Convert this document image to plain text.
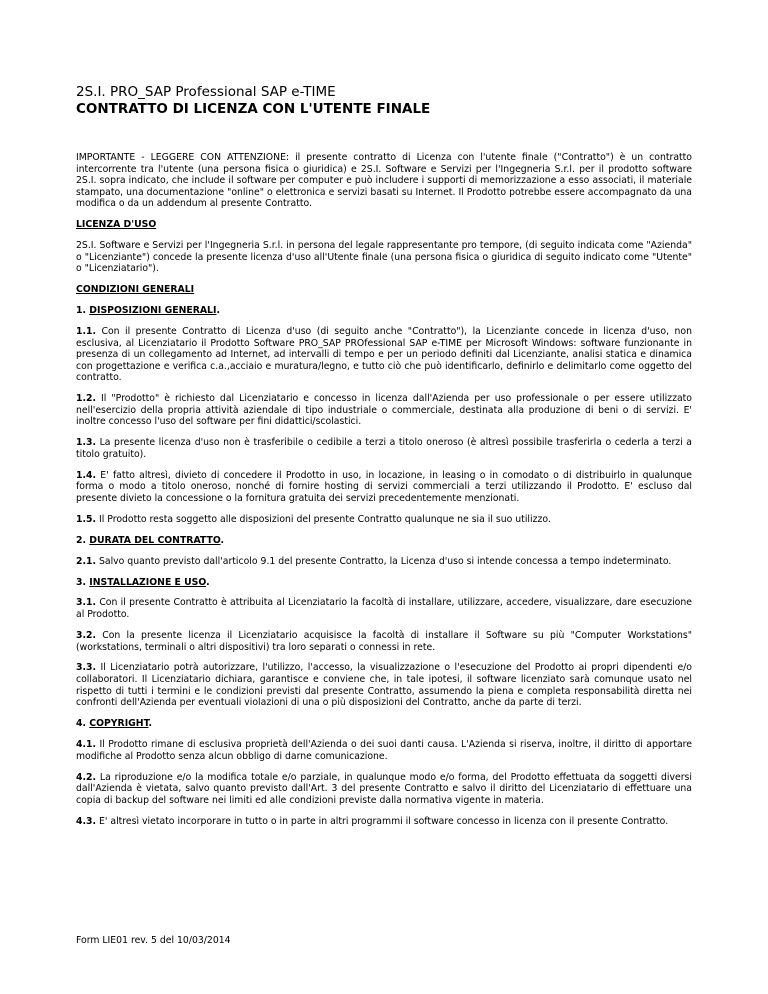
2S.I. PRO_SAP Professional SAP e-TIME
CONTRATTO DI LICENZA CON L'UTENTE FINALE

IMPORTANTE - LEGGERE CON ATTENZIONE: il presente contratto di Licenza con l'utente finale ("Contratto") è un contratto intercorrente tra l'utente (una persona fisica o giuridica) e 2S.I. Software e Servizi per l'Ingegneria S.r.l. per il prodotto software 2S.I. sopra indicato, che include il software per computer e può includere i supporti di memorizzazione a esso associati, il materiale stampato, una documentazione "online" o elettronica e servizi basati su Internet. Il Prodotto potrebbe essere accompagnato da una modifica o da un addendum al presente Contratto.

LICENZA D'USO

2S.I. Software e Servizi per l'Ingegneria S.r.l. in persona del legale rappresentante pro tempore, (di seguito indicata come "Azienda" o "Licenziante") concede la presente licenza d'uso all'Utente finale (una persona fisica o giuridica di seguito indicato come "Utente" o "Licenziatario").

CONDIZIONI GENERALI
1. DISPOSIZIONI GENERALI.

1.1. Con il presente Contratto di Licenza d'uso (di seguito anche "Contratto"), la Licenziante concede in licenza d'uso, non esclusiva, al Licenziatario il Prodotto Software PRO_SAP PROfessional SAP e-TIME per Microsoft Windows: software funzionante in presenza di un collegamento ad Internet, ad intervalli di tempo e per un periodo definiti dal Licenziante, analisi statica e dinamica con progettazione e verifica c.a.,acciaio e muratura/legno, e tutto ciò che può identificarlo, definirlo e delimitarlo come oggetto del contratto.

1.2. Il "Prodotto" è richiesto dal Licenziatario e concesso in licenza dall'Azienda per uso professionale o per essere utilizzato nell'esercizio della propria attività aziendale di tipo industriale o commerciale, destinata alla produzione di beni o di servizi. E' inoltre concesso l'uso del software per fini didattici/scolastici.

1.3. La presente licenza d'uso non è trasferibile o cedibile a terzi a titolo oneroso (è altresì possibile trasferirla o cederla a terzi a titolo gratuito).

1.4. E' fatto altresì, divieto di concedere il Prodotto in uso, in locazione, in leasing o in comodato o di distribuirlo in qualunque forma o modo a titolo oneroso, nonché di fornire hosting di servizi commerciali a terzi utilizzando il Prodotto. E' escluso dal presente divieto la concessione o la fornitura gratuita dei servizi precedentemente menzionati.

1.5. Il Prodotto resta soggetto alle disposizioni del presente Contratto qualunque ne sia il suo utilizzo.

2. DURATA DEL CONTRATTO.

2.1. Salvo quanto previsto dall'articolo 9.1 del presente Contratto, la Licenza d'uso si intende concessa a tempo indeterminato.

3. INSTALLAZIONE E USO.

3.1. Con il presente Contratto è attribuita al Licenziatario la facoltà di installare, utilizzare, accedere, visualizzare, dare esecuzione al Prodotto.

3.2. Con la presente licenza il Licenziatario acquisisce la facoltà di installare il Software su più "Computer Workstations" (workstations, terminali o altri dispositivi) tra loro separati o connessi in rete.

3.3. Il Licenziatario potrà autorizzare, l'utilizzo, l'accesso, la visualizzazione o l'esecuzione del Prodotto ai propri dipendenti e/o collaboratori. Il Licenziatario dichiara, garantisce e conviene che, in tale ipotesi, il software licenziato sarà comunque usato nel rispetto di tutti i termini e le condizioni previsti dal presente Contratto, assumendo la piena e completa responsabilità diretta nei confronti dell'Azienda per eventuali violazioni di una o più disposizioni del Contratto, anche da parte di terzi.

4. COPYRIGHT.

4.1. Il Prodotto rimane di esclusiva proprietà dell'Azienda o dei suoi danti causa. L'Azienda si riserva, inoltre, il diritto di apportare modifiche al Prodotto senza alcun obbligo di darne comunicazione.

4.2. La riproduzione e/o la modifica totale e/o parziale, in qualunque modo e/o forma, del Prodotto effettuata da soggetti diversi dall'Azienda è vietata, salvo quanto previsto dall'Art. 3 del presente Contratto e salvo il diritto del Licenziatario di effettuare una copia di backup del software nei limiti ed alle condizioni previste dalla normativa vigente in materia.

4.3. E' altresì vietato incorporare in tutto o in parte in altri programmi il software concesso in licenza con il presente Contratto.

Form LIE01 rev. 5 del 10/03/2014
